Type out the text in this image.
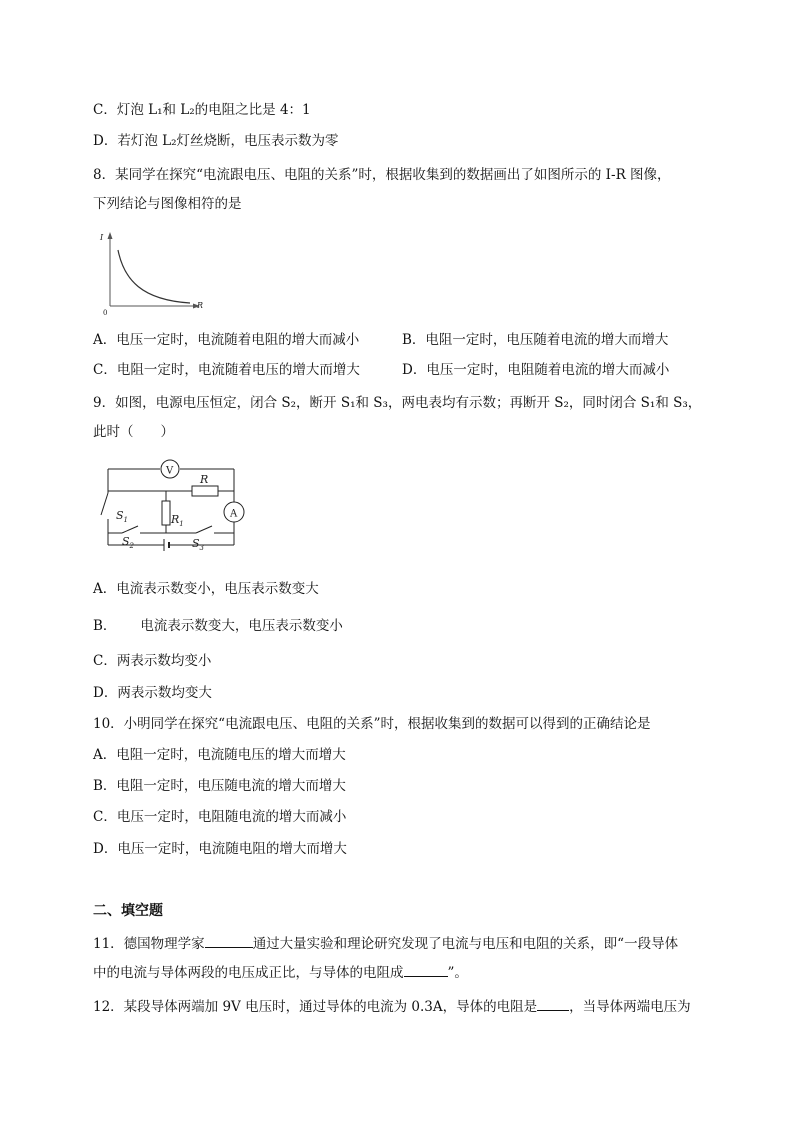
C．灯泡 L₁和 L₂的电阻之比是 4：1
D．若灯泡 L₂灯丝烧断，电压表示数为零
8．某同学在探究“电流跟电压、电阻的关系”时，根据收集到的数据画出了如图所示的 I-R 图像，
下列结论与图像相符的是
I
R
0
A．电压一定时，电流随着电阻的增大而减小	B．电阻一定时，电压随着电流的增大而增大
C．电阻一定时，电流随着电压的增大而增大	D．电压一定时，电阻随着电流的增大而减小
9．如图，电源电压恒定，闭合 S₂，断开 S₁和 S₃，两电表均有示数；再断开 S₂，同时闭合 S₁和 S₃，
此时（　　）
V
$S_1$
A
R
$R_1$
$S_2$	$S_3$
A．电流表示数变小，电压表示数变大
B． 电流表示数变大，电压表示数变小
C．两表示数均变小
D．两表示数均变大
10．小明同学在探究“电流跟电压、电阻的关系”时，根据收集到的数据可以得到的正确结论是
A．电阻一定时，电流随电压的增大而增大
B．电阻一定时，电压随电流的增大而增大
C．电压一定时，电阻随电流的增大而减小
D．电压一定时，电流随电阻的增大而增大
二、填空题
11．德国物理学家	通过大量实验和理论研究发现了电流与电压和电阻的关系，即“一段导体
中的电流与导体两段的电压成正比，与导体的电阻成	”。
12．某段导体两端加 9V 电压时，通过导体的电流为 0.3A，导体的电阻是 ，当导体两端电压为
